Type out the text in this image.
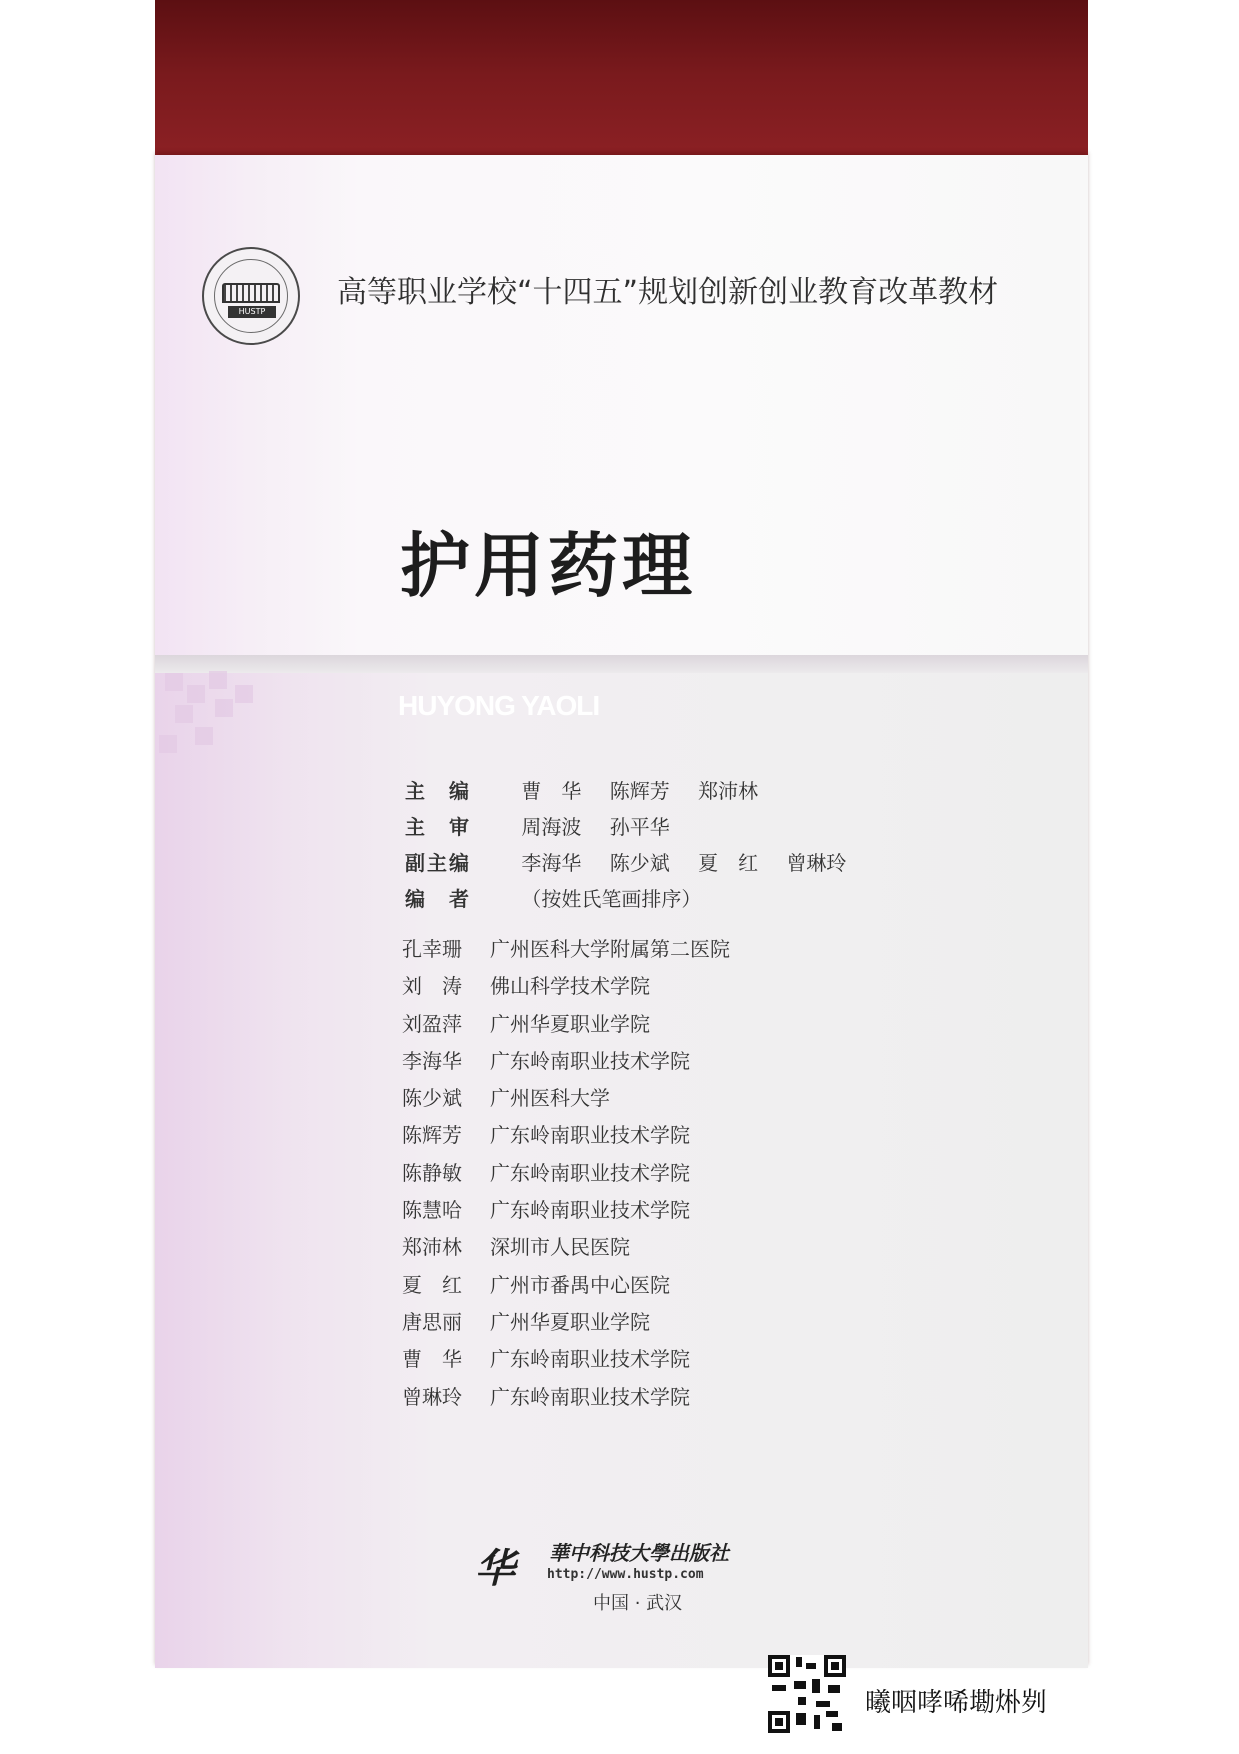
HUSTP
高等职业学校“十四五”规划创新创业教育改革教材
护用药理
HUYONG YAOLI
主　编	曹　华 陈辉芳 郑沛林
主　审	周海波 孙平华
副主编	李海华 陈少斌 夏　红 曾琳玲
编　者	（按姓氏笔画排序）
孔幸珊 广州医科大学附属第二医院
刘　涛 佛山科学技术学院
刘盈萍 广州华夏职业学院
李海华 广东岭南职业技术学院
陈少斌 广州医科大学
陈辉芳 广东岭南职业技术学院
陈静敏 广东岭南职业技术学院
陈慧哈 广东岭南职业技术学院
郑沛林 深圳市人民医院
夏　红 广州市番禺中心医院
唐思丽 广州华夏职业学院
曹　华 广东岭南职业技术学院
曾琳玲 广东岭南职业技术学院
华	華中科技大學出版社
http://www.hustp.com
中国 · 武汉
曦咽哮唏墈烞刿
